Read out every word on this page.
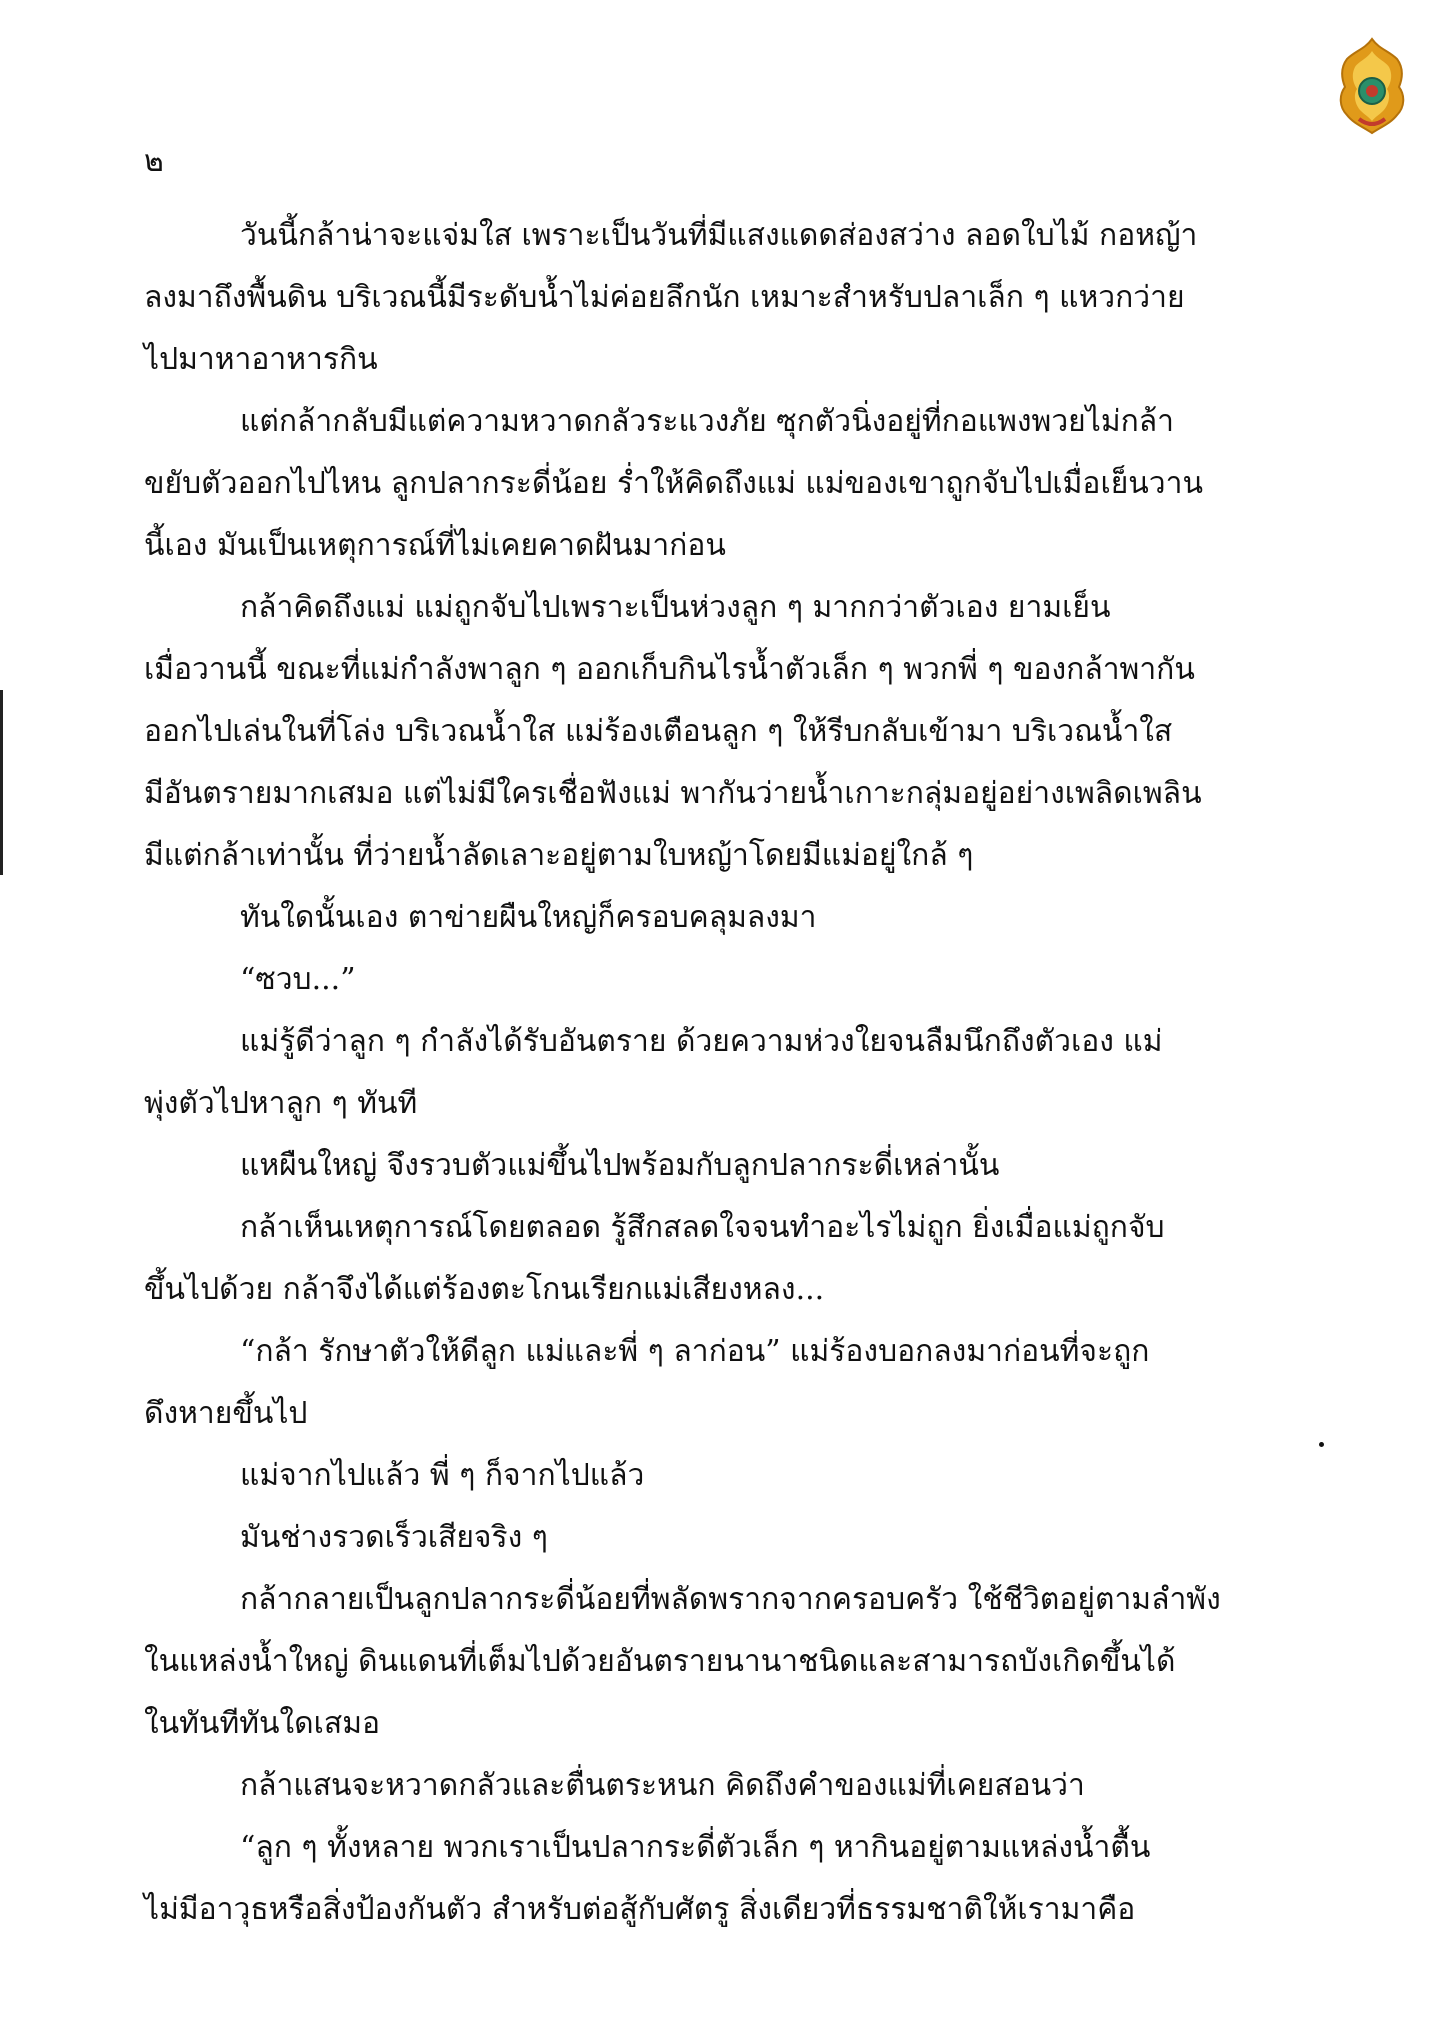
๒
วันนี้กล้าน่าจะแจ่มใส เพราะเป็นวันที่มีแสงแดดส่องสว่าง ลอดใบไม้ กอหญ้า
ลงมาถึงพื้นดิน บริเวณนี้มีระดับน้ำไม่ค่อยลึกนัก เหมาะสำหรับปลาเล็ก ๆ แหวกว่าย
ไปมาหาอาหารกิน
แต่กล้ากลับมีแต่ความหวาดกลัวระแวงภัย ซุกตัวนิ่งอยู่ที่กอแพงพวยไม่กล้า
ขยับตัวออกไปไหน ลูกปลากระดี่น้อย ร่ำให้คิดถึงแม่ แม่ของเขาถูกจับไปเมื่อเย็นวาน
นี้เอง มันเป็นเหตุการณ์ที่ไม่เคยคาดฝันมาก่อน
กล้าคิดถึงแม่ แม่ถูกจับไปเพราะเป็นห่วงลูก ๆ มากกว่าตัวเอง ยามเย็น
เมื่อวานนี้ ขณะที่แม่กำลังพาลูก ๆ ออกเก็บกินไรน้ำตัวเล็ก ๆ พวกพี่ ๆ ของกล้าพากัน
ออกไปเล่นในที่โล่ง บริเวณน้ำใส แม่ร้องเตือนลูก ๆ ให้รีบกลับเข้ามา บริเวณน้ำใส
มีอันตรายมากเสมอ แต่ไม่มีใครเชื่อฟังแม่ พากันว่ายน้ำเกาะกลุ่มอยู่อย่างเพลิดเพลิน
มีแต่กล้าเท่านั้น ที่ว่ายน้ำลัดเลาะอยู่ตามใบหญ้าโดยมีแม่อยู่ใกล้ ๆ
ทันใดนั้นเอง ตาข่ายผืนใหญ่ก็ครอบคลุมลงมา
“ซวบ...”
แม่รู้ดีว่าลูก ๆ กำลังได้รับอันตราย ด้วยความห่วงใยจนลืมนึกถึงตัวเอง แม่
พุ่งตัวไปหาลูก ๆ ทันที
แหผืนใหญ่ จึงรวบตัวแม่ขึ้นไปพร้อมกับลูกปลากระดี่เหล่านั้น
กล้าเห็นเหตุการณ์โดยตลอด รู้สึกสลดใจจนทำอะไรไม่ถูก ยิ่งเมื่อแม่ถูกจับ
ขึ้นไปด้วย กล้าจึงได้แต่ร้องตะโกนเรียกแม่เสียงหลง...
“กล้า รักษาตัวให้ดีลูก แม่และพี่ ๆ ลาก่อน” แม่ร้องบอกลงมาก่อนที่จะถูก
ดึงหายขึ้นไป
แม่จากไปแล้ว พี่ ๆ ก็จากไปแล้ว
มันช่างรวดเร็วเสียจริง ๆ
กล้ากลายเป็นลูกปลากระดี่น้อยที่พลัดพรากจากครอบครัว ใช้ชีวิตอยู่ตามลำพัง
ในแหล่งน้ำใหญ่ ดินแดนที่เต็มไปด้วยอันตรายนานาชนิดและสามารถบังเกิดขึ้นได้
ในทันทีทันใดเสมอ
กล้าแสนจะหวาดกลัวและตื่นตระหนก คิดถึงคำของแม่ที่เคยสอนว่า
“ลูก ๆ ทั้งหลาย พวกเราเป็นปลากระดี่ตัวเล็ก ๆ หากินอยู่ตามแหล่งน้ำตื้น
ไม่มีอาวุธหรือสิ่งป้องกันตัว สำหรับต่อสู้กับศัตรู สิ่งเดียวที่ธรรมชาติให้เรามาคือ
